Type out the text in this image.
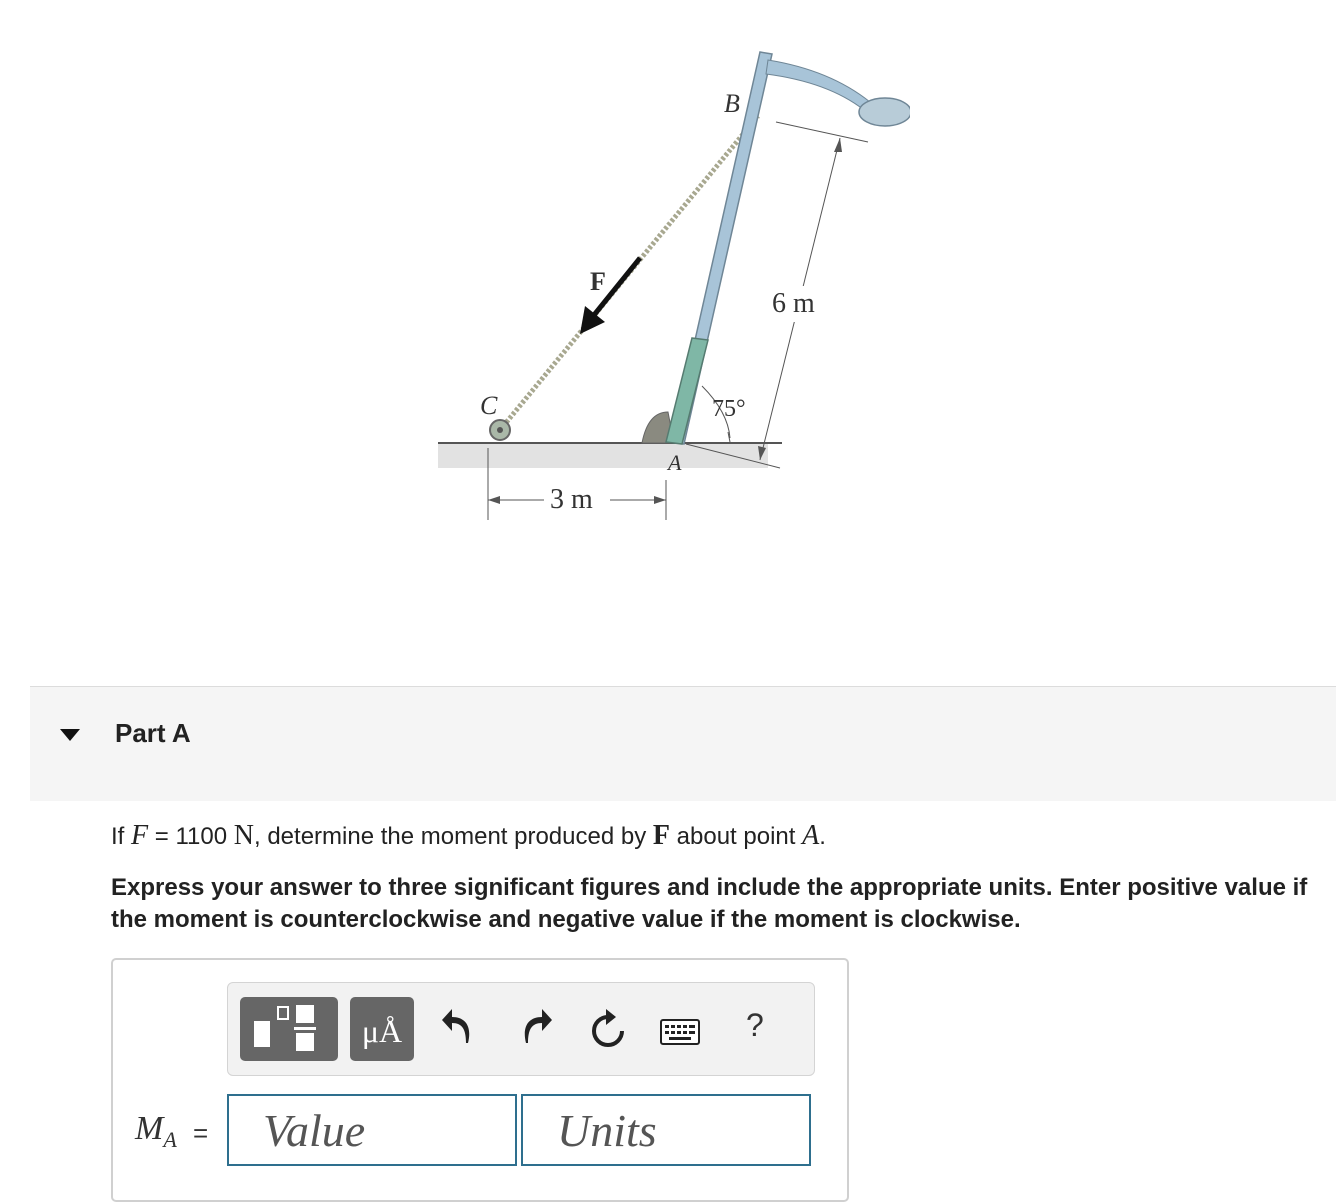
B
F
C
A
6 m
75°
3 m
Part A
If F = 1100 N, determine the moment produced by F about point A.
Express your answer to three significant figures and include the appropriate units. Enter positive value if the moment is counterclockwise and negative value if the moment is clockwise.
μÅ	?
$M_A$ =
Value
Units
